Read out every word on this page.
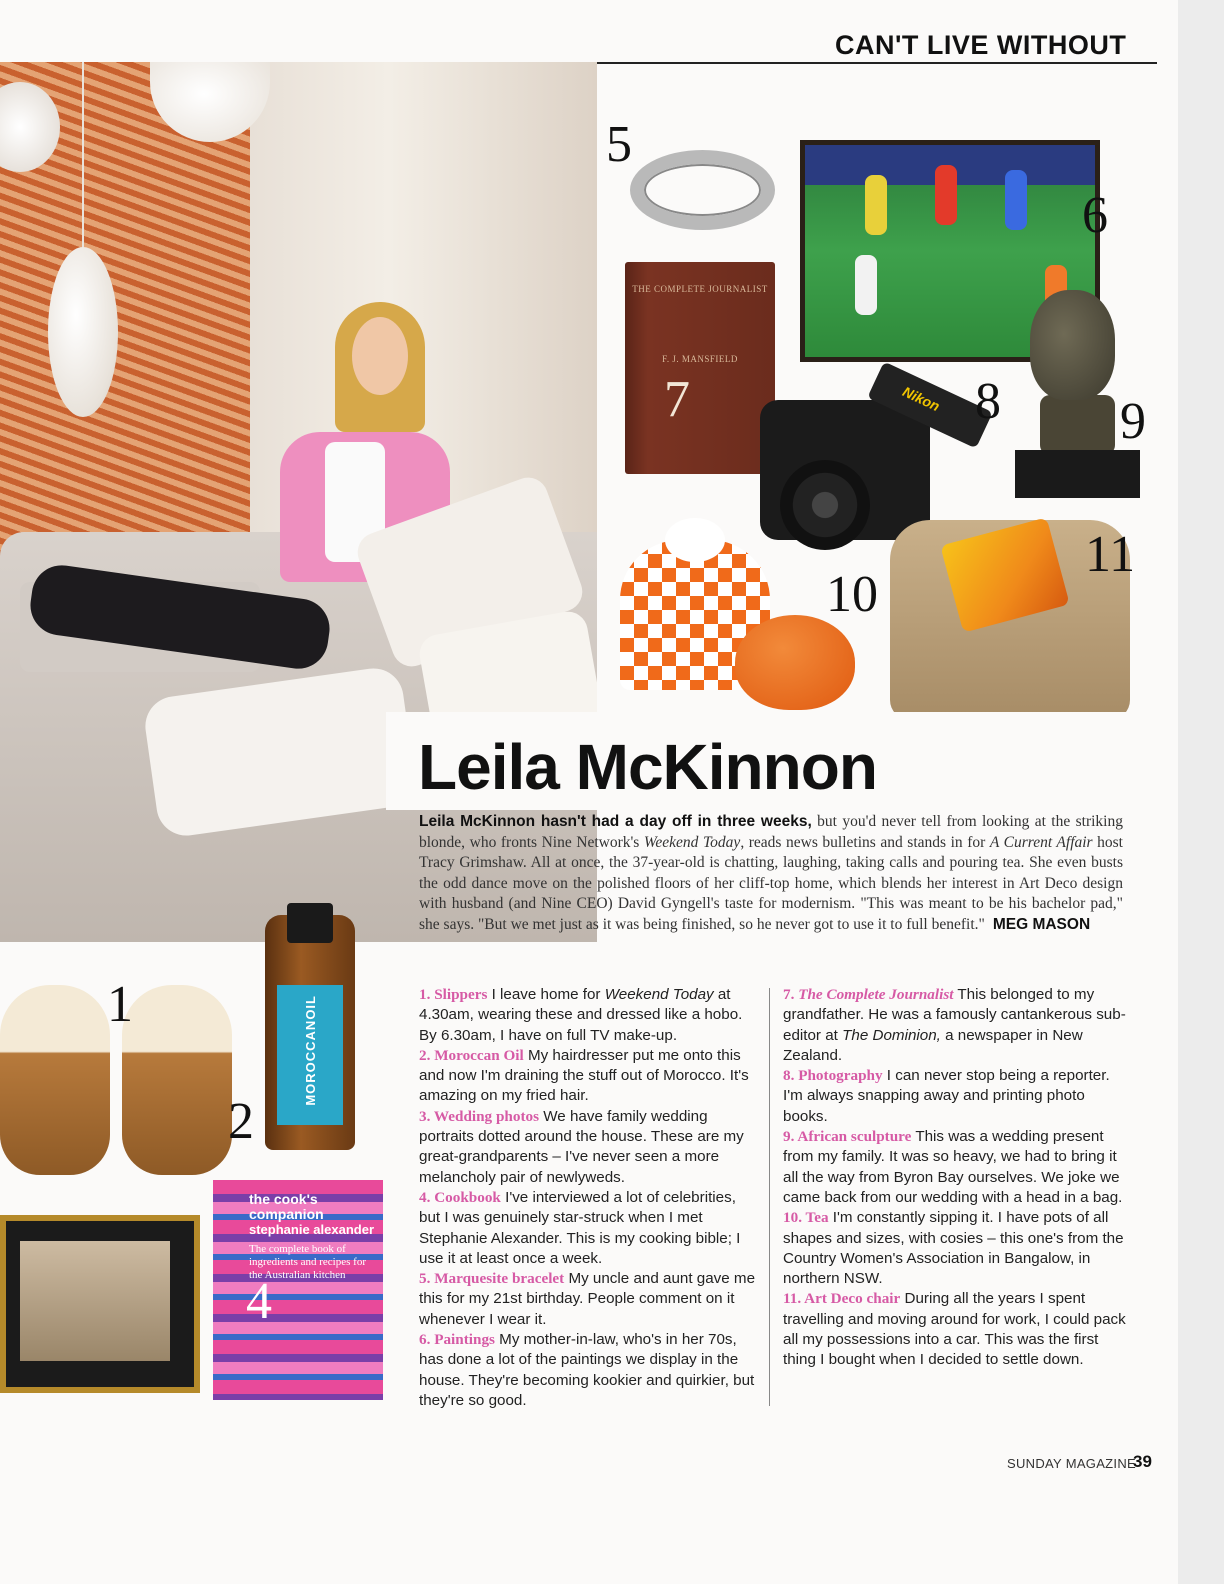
CAN'T LIVE WITHOUT
THE COMPLETE JOURNALIST
F. J. MANSFIELD
Nikon
MOROCCANOIL
the cook's companion
stephanie alexander
The complete book of ingredients and recipes for the Australian kitchen
5
6
7	8 9
10
11
1
2
4
Leila McKinnon
Leila McKinnon hasn't had a day off in three weeks, but you'd never tell from looking at the striking blonde, who fronts Nine Network's Weekend Today, reads news bulletins and stands in for A Current Affair host Tracy Grimshaw. All at once, the 37-year-old is chatting, laughing, taking calls and pouring tea. She even busts the odd dance move on the polished floors of her cliff-top home, which blends her interest in Art Deco design with husband (and Nine CEO) David Gyngell's taste for modernism. "This was meant to be his bachelor pad," she says. "But we met just as it was being finished, so he never got to use it to full benefit." MEG MASON
1. Slippers I leave home for Weekend Today at 4.30am, wearing these and dressed like a hobo. By 6.30am, I have on full TV make-up.
2. Moroccan Oil My hairdresser put me onto this and now I'm draining the stuff out of Morocco. It's amazing on my fried hair.
3. Wedding photos We have family wedding portraits dotted around the house. These are my great-grandparents – I've never seen a more melancholy pair of newlyweds.
4. Cookbook I've interviewed a lot of celebrities, but I was genuinely star-struck when I met Stephanie Alexander. This is my cooking bible; I use it at least once a week.
5. Marquesite bracelet My uncle and aunt gave me this for my 21st birthday. People comment on it whenever I wear it.
6. Paintings My mother-in-law, who's in her 70s, has done a lot of the paintings we display in the house. They're becoming kookier and quirkier, but they're so good.
7. The Complete Journalist This belonged to my grandfather. He was a famously cantankerous sub-editor at The Dominion, a newspaper in New Zealand.
8. Photography I can never stop being a reporter. I'm always snapping away and printing photo books.
9. African sculpture This was a wedding present from my family. It was so heavy, we had to bring it all the way from Byron Bay ourselves. We joke we came back from our wedding with a head in a bag.
10. Tea I'm constantly sipping it. I have pots of all shapes and sizes, with cosies – this one's from the Country Women's Association in Bangalow, in northern NSW.
11. Art Deco chair During all the years I spent travelling and moving around for work, I could pack all my possessions into a car. This was the first thing I bought when I decided to settle down.
SUNDAY MAGAZINE
39
